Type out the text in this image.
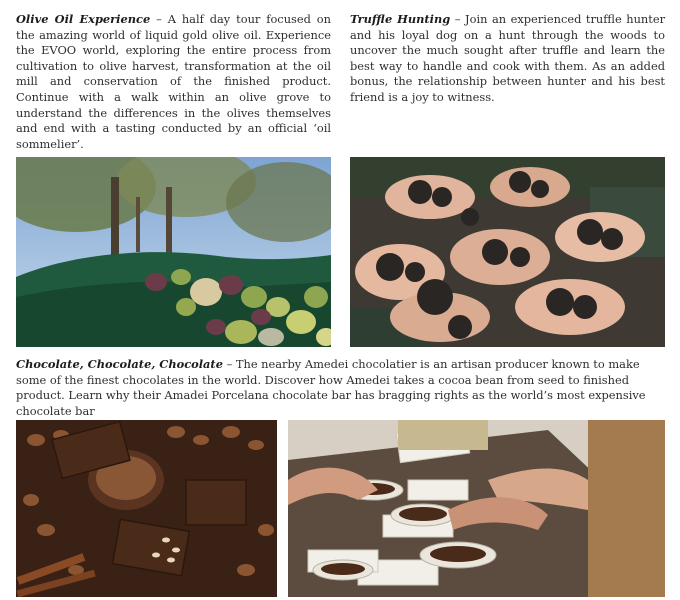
Olive Oil Experience – A half day tour focused on the amazing world of liquid gold olive oil. Experience the EVOO world, exploring the entire process from cultivation to olive harvest, transformation at the oil mill and conservation of the finished product. Continue with a walk within an olive grove to understand the differences in the olives themselves and end with a tasting conducted by an official ‘oil sommelier’.
Truffle Hunting – Join an experienced truffle hunter and his loyal dog on a hunt through the woods to uncover the much sought after truffle and learn the best way to handle and cook with them. As an added bonus, the relationship between hunter and his best friend is a joy to witness.
Chocolate, Chocolate, Chocolate – The nearby Amedei chocolatier is an artisan producer known to make some of the finest chocolates in the world. Discover how Amedei takes a cocoa bean from seed to finished product. Learn why their Amadei Porcelana chocolate bar has bragging rights as the world’s most expensive chocolate bar
